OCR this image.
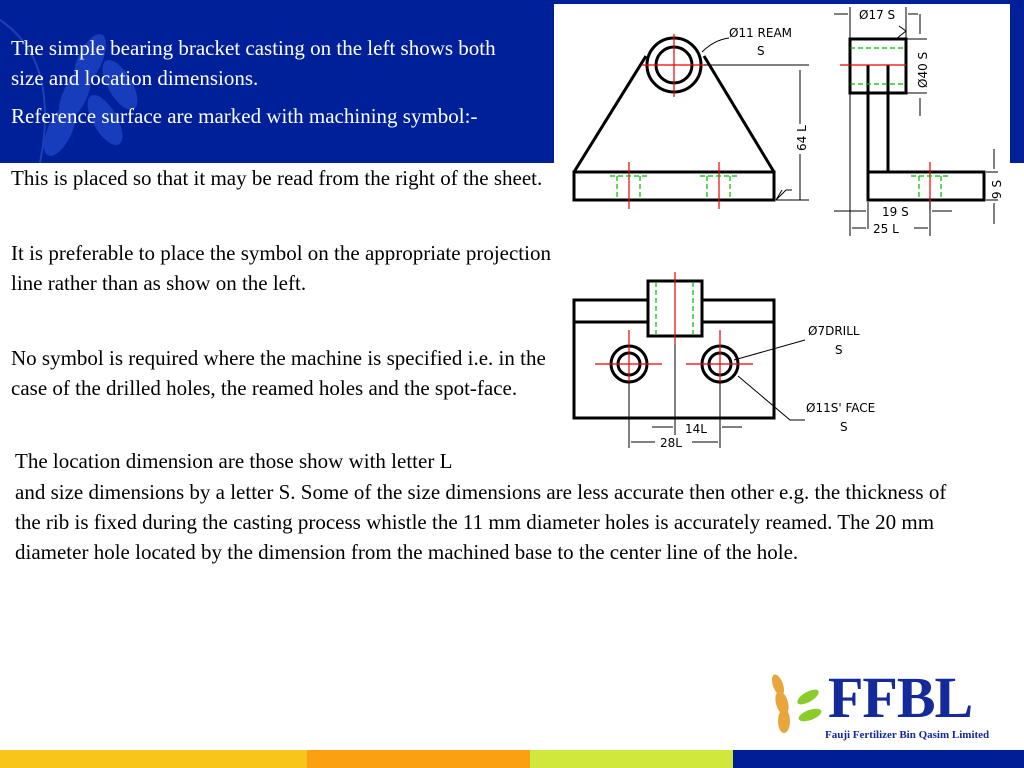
The simple bearing bracket casting on the left shows both size and location dimensions.

Reference surface are marked with machining symbol:-

This is placed so that it may be read from the right of the sheet.

It is preferable to place the symbol on the appropriate projection line rather than as show on the left.

No symbol is required where the machine is specified i.e. in the case of the drilled holes, the reamed holes and the spot-face.

The location dimension are those show with letter L

and size dimensions by a letter S. Some of the size dimensions are less accurate then other e.g. the thickness of the rib is fixed during the casting process whistle the 11 mm diameter holes is accurately reamed. The 20 mm diameter hole located by the dimension from the machined base to the center line of the hole.

Ø11 REAM
S
64 L
Ø17 S
Ø40 S
9 S
19 S
25 L
Ø7DRILL
S
Ø11S' FACE
S
14L
28L
FFBL
Fauji Fertilizer Bin Qasim Limited
